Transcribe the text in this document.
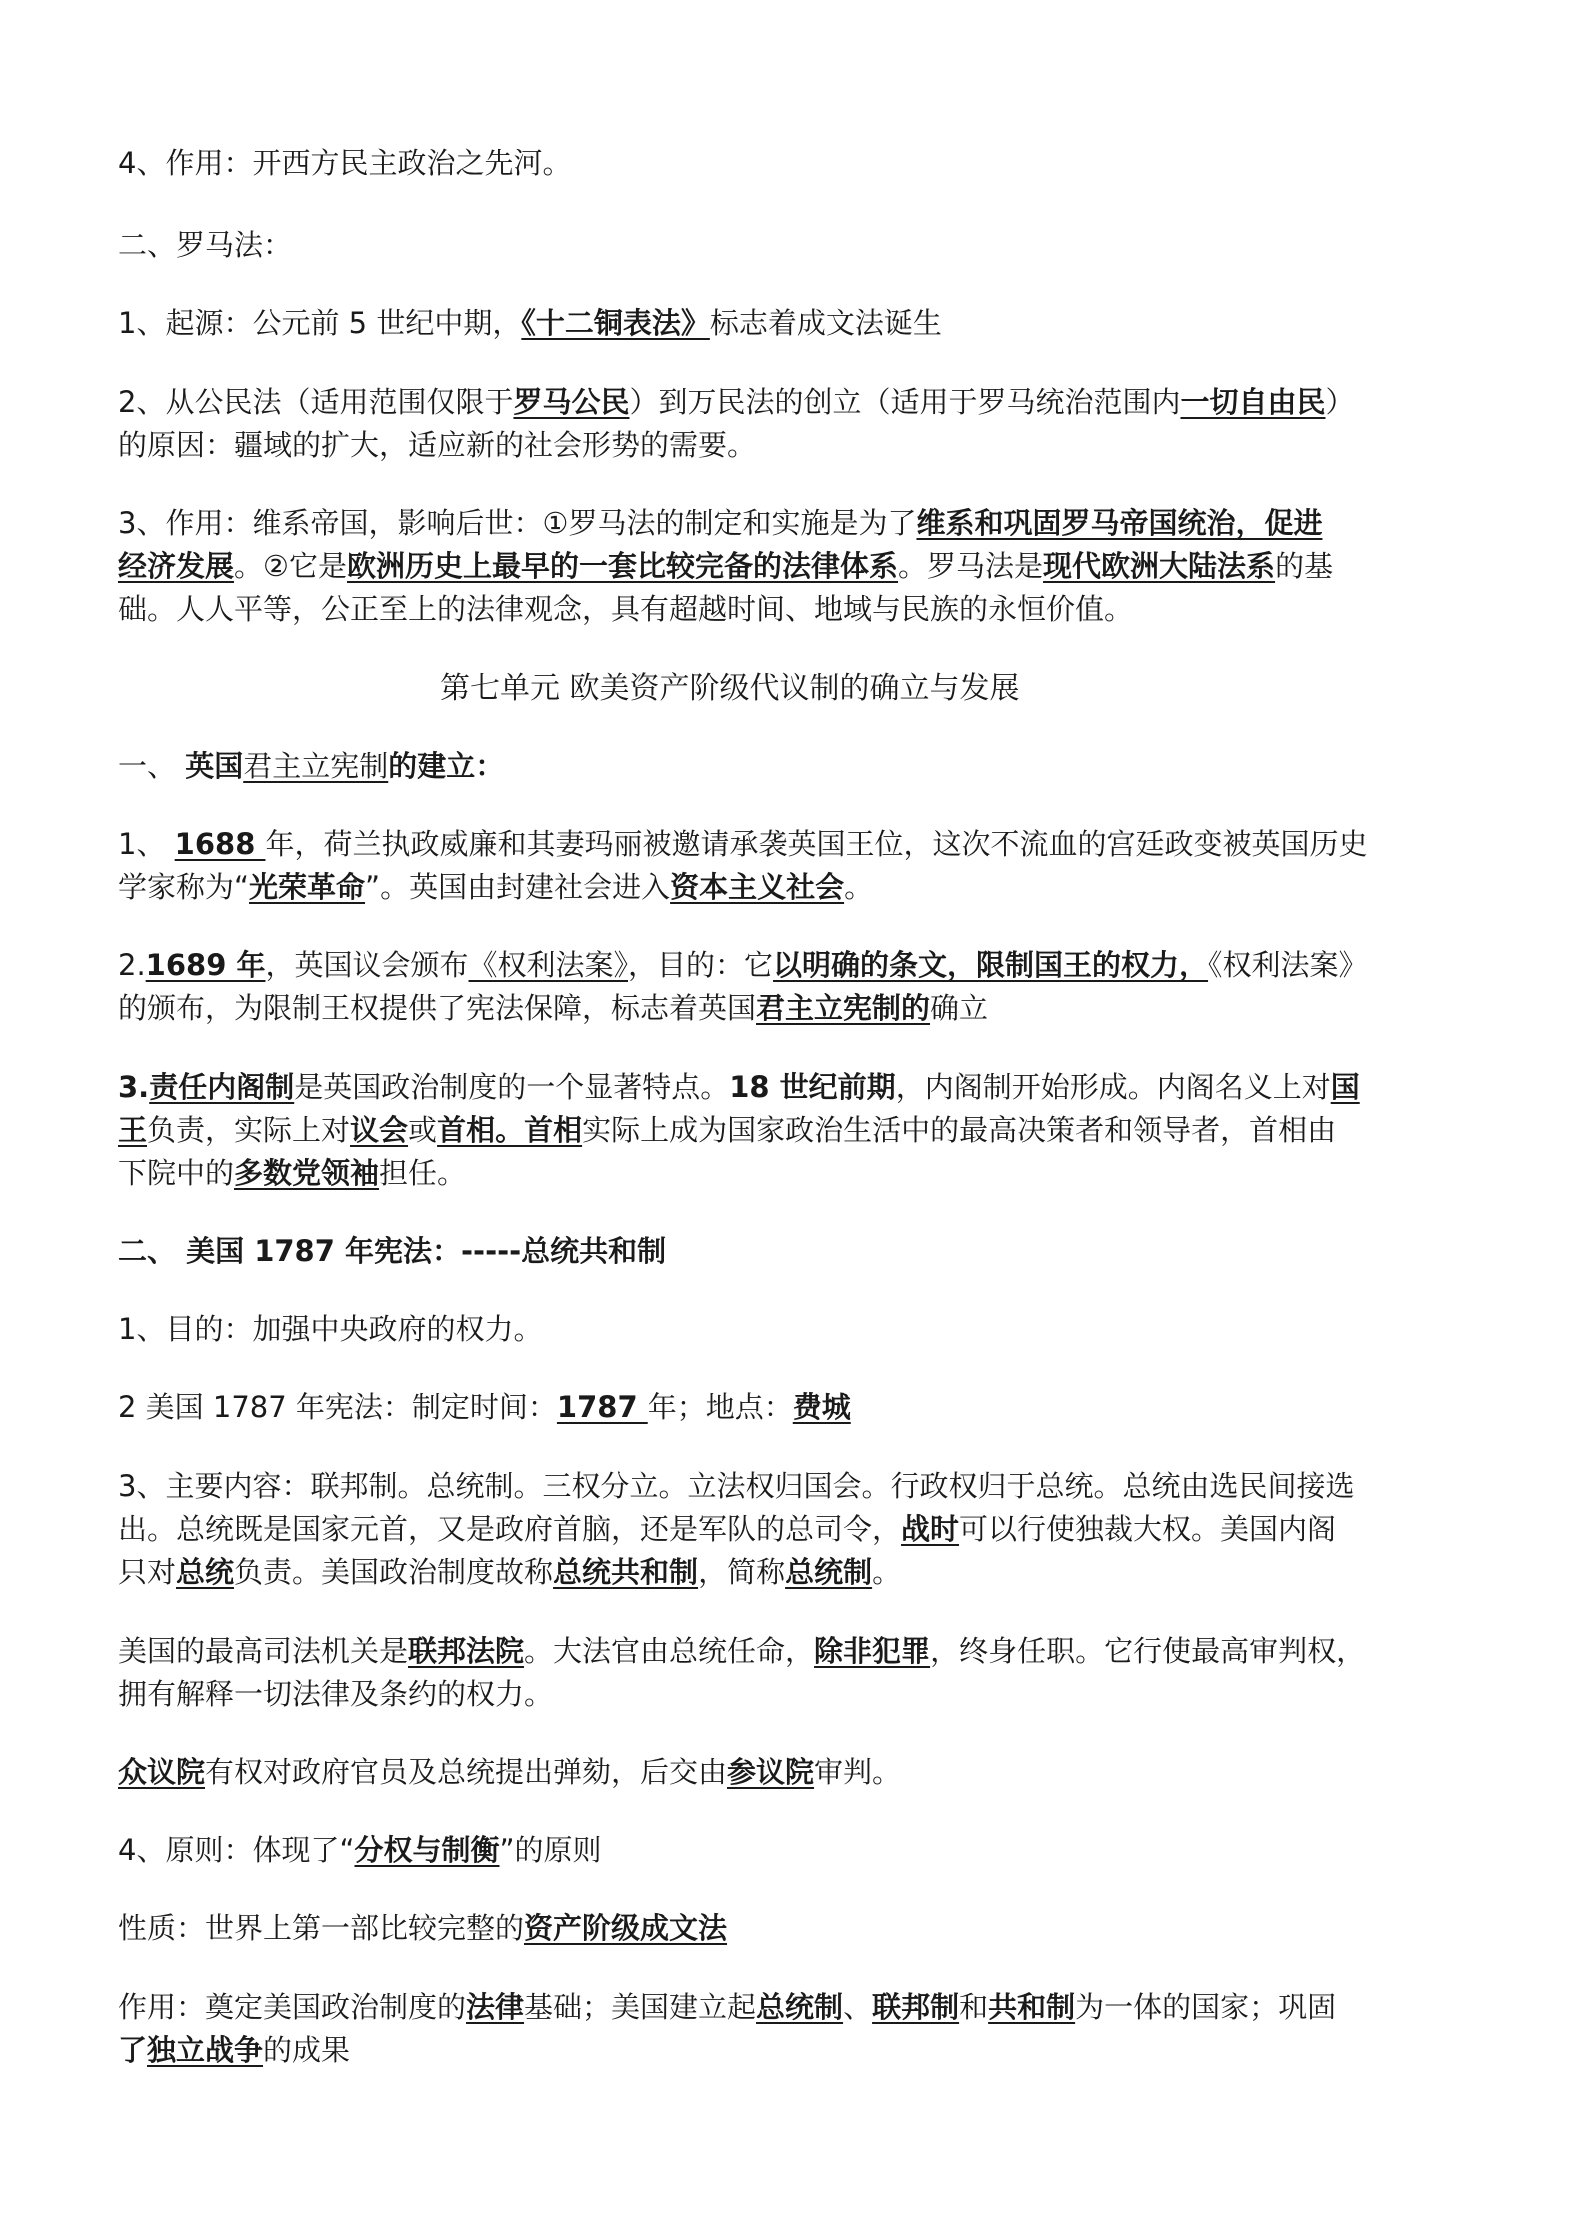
4、作用：开西方民主政治之先河。
二、罗马法：
1、起源：公元前 5 世纪中期，《十二铜表法》标志着成文法诞生
2、从公民法（适用范围仅限于罗马公民）到万民法的创立（适用于罗马统治范围内一切自由民）
的原因：疆域的扩大，适应新的社会形势的需要。
3、作用：维系帝国，影响后世：①罗马法的制定和实施是为了维系和巩固罗马帝国统治，促进
经济发展。②它是欧洲历史上最早的一套比较完备的法律体系。罗马法是现代欧洲大陆法系的基
础。人人平等，公正至上的法律观念，具有超越时间、地域与民族的永恒价值。
第七单元 欧美资产阶级代议制的确立与发展
一、 英国君主立宪制的建立：
1、 1688 年，荷兰执政威廉和其妻玛丽被邀请承袭英国王位，这次不流血的宫廷政变被英国历史
学家称为“光荣革命”。英国由封建社会进入资本主义社会。
2.1689 年，英国议会颁布《权利法案》，目的：它以明确的条文，限制国王的权力，《权利法案》
的颁布，为限制王权提供了宪法保障，标志着英国君主立宪制的确立
3.责任内阁制是英国政治制度的一个显著特点。18 世纪前期，内阁制开始形成。内阁名义上对国
王负责，实际上对议会或首相。首相实际上成为国家政治生活中的最高决策者和领导者，首相由
下院中的多数党领袖担任。
二、 美国 1787 年宪法：-----总统共和制
1、目的：加强中央政府的权力。
2 美国 1787 年宪法：制定时间：1787 年；地点：费城
3、主要内容：联邦制。总统制。三权分立。立法权归国会。行政权归于总统。总统由选民间接选
出。总统既是国家元首，又是政府首脑，还是军队的总司令，战时可以行使独裁大权。美国内阁
只对总统负责。美国政治制度故称总统共和制，简称总统制。
美国的最高司法机关是联邦法院。大法官由总统任命，除非犯罪，终身任职。它行使最高审判权，
拥有解释一切法律及条约的权力。
众议院有权对政府官员及总统提出弹劾，后交由参议院审判。
4、原则：体现了“分权与制衡”的原则
性质：世界上第一部比较完整的资产阶级成文法
作用：奠定美国政治制度的法律基础；美国建立起总统制、联邦制和共和制为一体的国家；巩固
了独立战争的成果
